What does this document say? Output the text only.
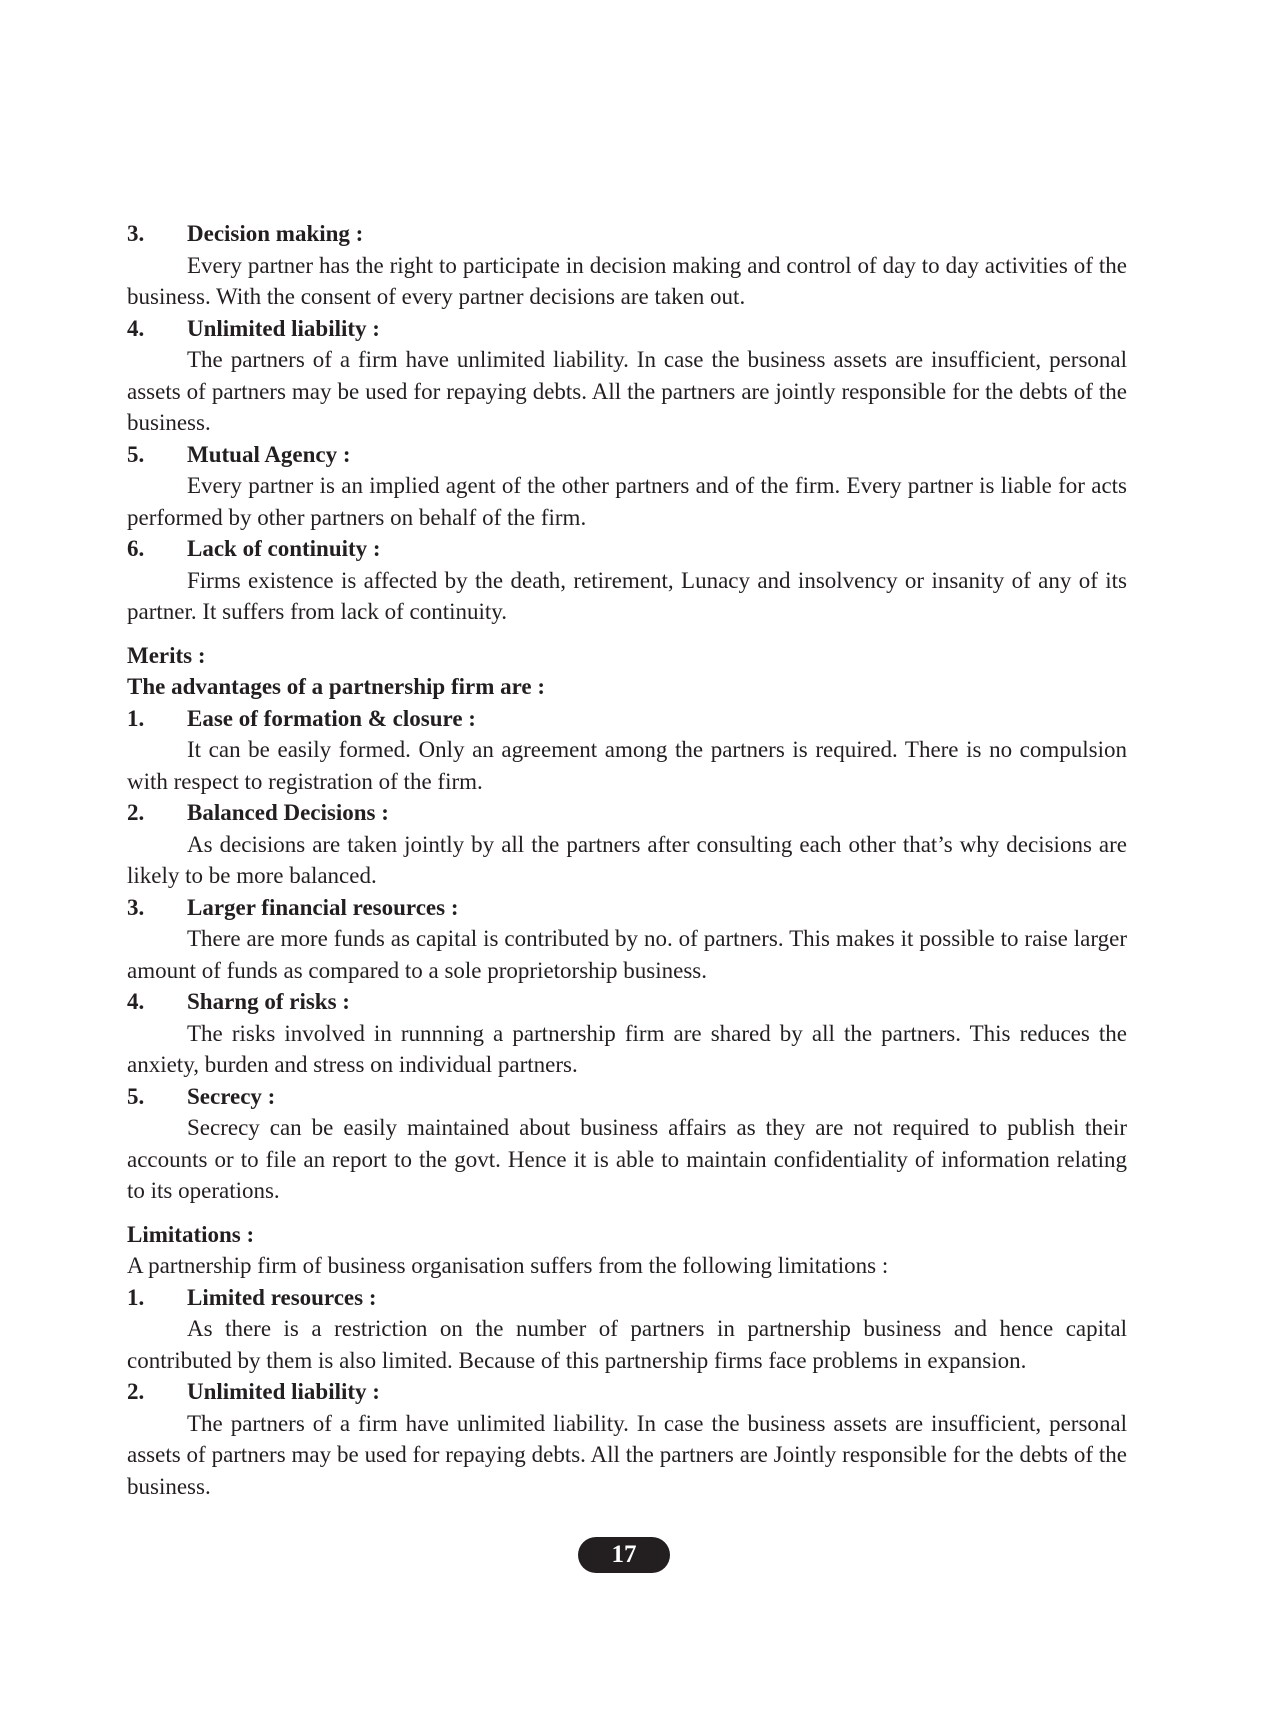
3.	Decision making :

Every partner has the right to participate in decision making and control of day to day activities of the business. With the consent of every partner decisions are taken out.

4.	Unlimited liability :

The partners of a firm have unlimited liability. In case the business assets are insufficient, personal assets of partners may be used for repaying debts. All the partners are jointly responsible for the debts of the business.

5.	Mutual Agency :

Every partner is an implied agent of the other partners and of the firm. Every partner is liable for acts performed by other partners on behalf of the firm.

6.	Lack of continuity :

Firms existence is affected by the death, retirement, Lunacy and insolvency or insanity of any of its partner. It suffers from lack of continuity.

Merits :

The advantages of a partnership firm are :

1.	Ease of formation & closure :

It can be easily formed. Only an agreement among the partners is required. There is no compulsion with respect to registration of the firm.

2.	Balanced Decisions :

As decisions are taken jointly by all the partners after consulting each other that’s why decisions are likely to be more balanced.

3.	Larger financial resources :

There are more funds as capital is contributed by no. of partners. This makes it possible to raise larger amount of funds as compared to a sole proprietorship business.

4.	Sharng of risks :

The risks involved in runnning a partnership firm are shared by all the partners. This reduces the anxiety, burden and stress on individual partners.

5.	Secrecy :

Secrecy can be easily maintained about business affairs as they are not required to publish their accounts or to file an report to the govt. Hence it is able to maintain confidentiality of information relating to its operations.

Limitations :

A partnership firm of business organisation suffers from the following limitations :

1.	Limited resources :

As there is a restriction on the number of partners in partnership business and hence capital contributed by them is also limited. Because of this partnership firms face problems in expansion.

2.	Unlimited liability :

The partners of a firm have unlimited liability. In case the business assets are insufficient, personal assets of partners may be used for repaying debts. All the partners are Jointly responsible for the debts of the business.

17
